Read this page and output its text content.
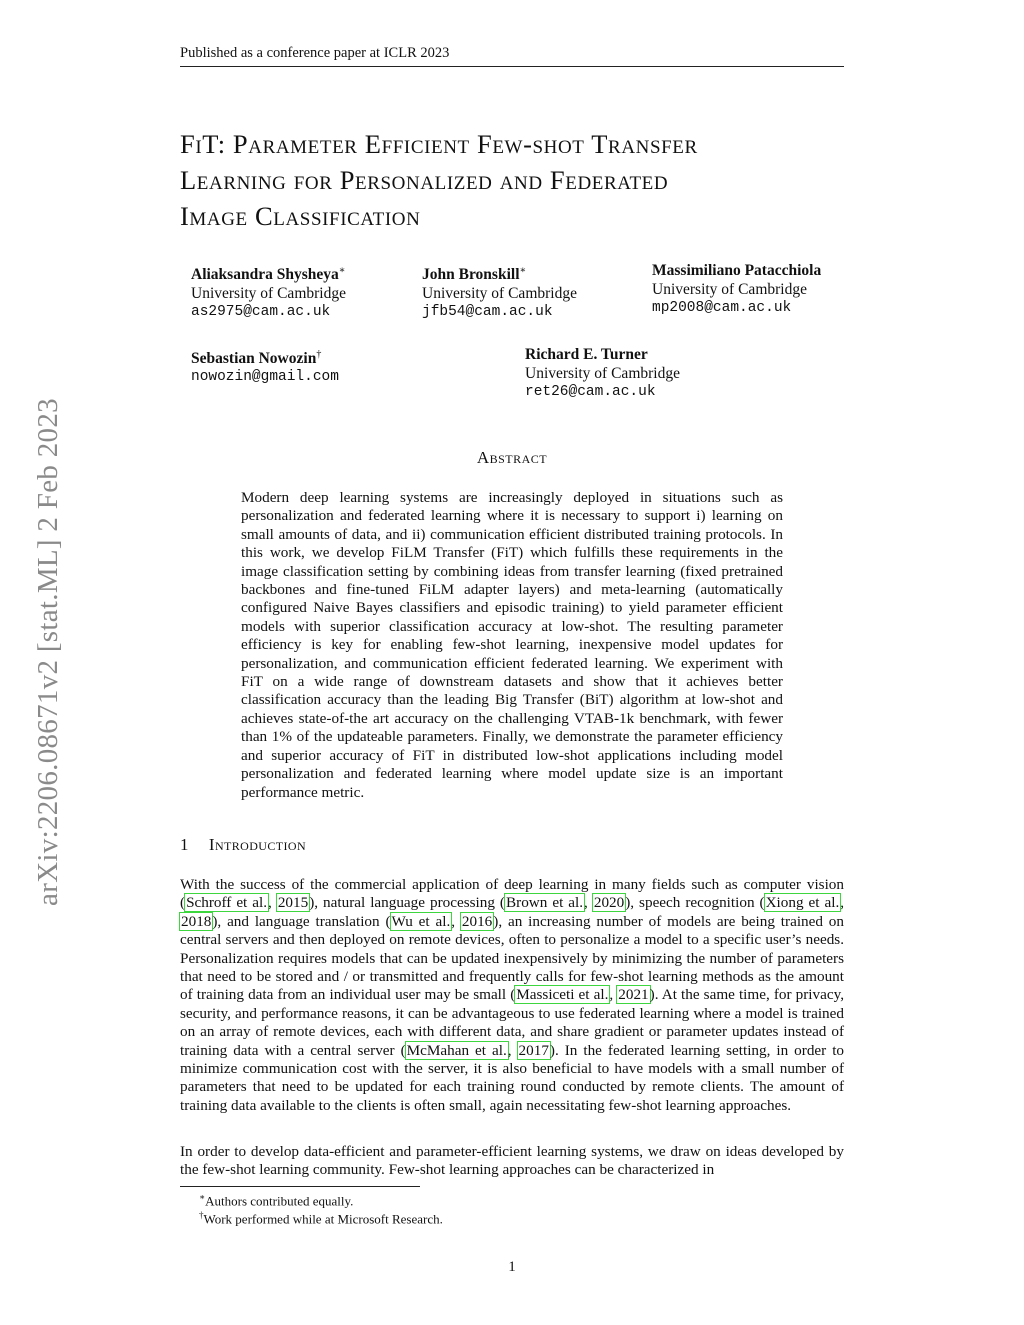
Published as a conference paper at ICLR 2023
arXiv:2206.08671v2 [stat.ML] 2 Feb 2023
FiT: Parameter Efficient Few-shot Transfer
Learning for Personalized and Federated
Image Classification
Aliaksandra Shysheya∗
University of Cambridge
as2975@cam.ac.uk
John Bronskill∗
University of Cambridge
jfb54@cam.ac.uk
Massimiliano Patacchiola
University of Cambridge
mp2008@cam.ac.uk
Sebastian Nowozin†
nowozin@gmail.com
Richard E. Turner
University of Cambridge
ret26@cam.ac.uk
Abstract
Modern deep learning systems are increasingly deployed in situations such as personalization and federated learning where it is necessary to support i) learning on small amounts of data, and ii) communication efficient distributed training protocols. In this work, we develop FiLM Transfer (FiT) which fulfills these requirements in the image classification setting by combining ideas from transfer learning (fixed pretrained backbones and fine-tuned FiLM adapter layers) and meta-learning (automatically configured Naive Bayes classifiers and episodic training) to yield parameter efficient models with superior classification accuracy at low-shot. The resulting parameter efficiency is key for enabling few-shot learning, inexpensive model updates for personalization, and communication efficient federated learning. We experiment with FiT on a wide range of downstream datasets and show that it achieves better classification accuracy than the leading Big Transfer (BiT) algorithm at low-shot and achieves state-of-the art accuracy on the challenging VTAB-1k benchmark, with fewer than 1% of the updateable parameters. Finally, we demonstrate the parameter efficiency and superior accuracy of FiT in distributed low-shot applications including model personalization and federated learning where model update size is an important performance metric.
1 Introduction
With the success of the commercial application of deep learning in many fields such as computer vision (Schroff et al., 2015), natural language processing (Brown et al., 2020), speech recognition (Xiong et al., 2018), and language translation (Wu et al., 2016), an increasing number of models are being trained on central servers and then deployed on remote devices, often to personalize a model to a specific user’s needs. Personalization requires models that can be updated inexpensively by minimizing the number of parameters that need to be stored and / or transmitted and frequently calls for few-shot learning methods as the amount of training data from an individual user may be small (Massiceti et al., 2021). At the same time, for privacy, security, and performance reasons, it can be advantageous to use federated learning where a model is trained on an array of remote devices, each with different data, and share gradient or parameter updates instead of training data with a central server (McMahan et al., 2017). In the federated learning setting, in order to minimize communication cost with the server, it is also beneficial to have models with a small number of parameters that need to be updated for each training round conducted by remote clients. The amount of training data available to the clients is often small, again necessitating few-shot learning approaches.
In order to develop data-efficient and parameter-efficient learning systems, we draw on ideas developed by the few-shot learning community. Few-shot learning approaches can be characterized in
∗Authors contributed equally.
†Work performed while at Microsoft Research.
1
